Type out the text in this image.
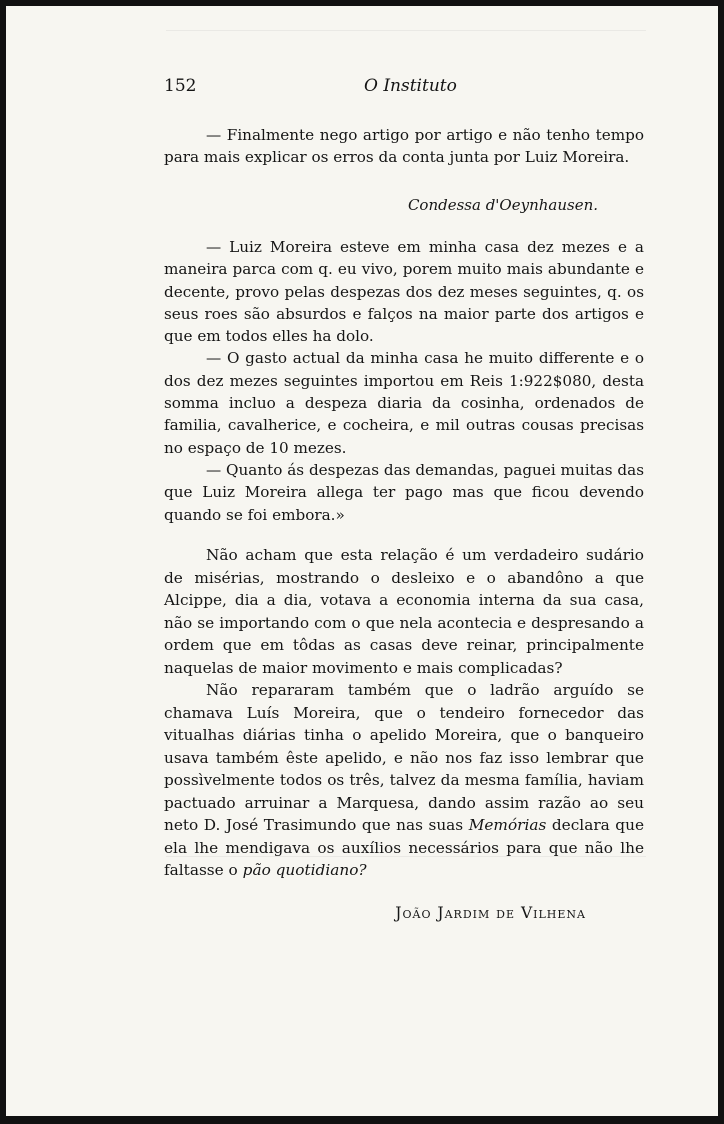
152	O Instituto

— Finalmente nego artigo por artigo e não tenho tempo para mais explicar os erros da conta junta por Luiz Moreira.

Condessa d'Oeynhausen.

— Luiz Moreira esteve em minha casa dez mezes e a maneira parca com q. eu vivo, porem muito mais abundante e decente, provo pelas despezas dos dez meses seguintes, q. os seus roes são absurdos e falços na maior parte dos artigos e que em todos elles ha dolo.

— O gasto actual da minha casa he muito differente e o dos dez mezes seguintes importou em Reis 1:922$080, desta somma incluo a despeza diaria da cosinha, ordenados de familia, cavalherice, e cocheira, e mil outras cousas precisas no espaço de 10 mezes.

— Quanto ás despezas das demandas, paguei muitas das que Luiz Moreira allega ter pago mas que ficou devendo quando se foi embora.»

Não acham que esta relação é um verdadeiro sudário de misérias, mostrando o desleixo e o abandôno a que Alcippe, dia a dia, votava a economia interna da sua casa, não se importando com o que nela acontecia e despresando a ordem que em tôdas as casas deve reinar, principalmente naquelas de maior movimento e mais complicadas?

Não repararam também que o ladrão arguído se chamava Luís Moreira, que o tendeiro fornecedor das vitualhas diárias tinha o apelido Moreira, que o banqueiro usava também êste apelido, e não nos faz isso lembrar que possìvelmente todos os três, talvez da mesma família, haviam pactuado arruinar a Marquesa, dando assim razão ao seu neto D. José Trasimundo que nas suas Memórias declara que ela lhe mendigava os auxílios necessários para que não lhe faltasse o pão quotidiano?

João Jardim de Vilhena
